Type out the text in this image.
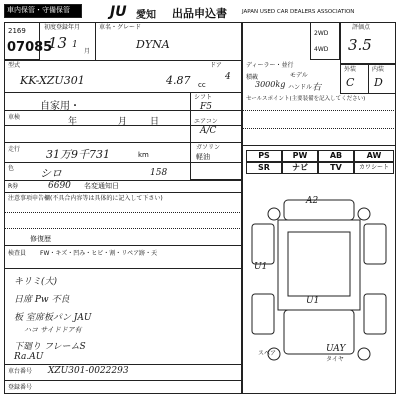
車内保管・守備保管	JU 愛知 出品申込書	JAPAN USED CAR DEALERS ASSOCIATION
2169
07085
初度登録年月	車名・グレード
13 1
月
DYNA
型式
KK-XZU301	4.87 cc
自家用・
車検	年	月	日
走行 31万9千731	km
色 シロ	158
R券	6690 名変通知日
注意事項申告欄(不具合内容等は具体的に記入して下さい)
修復歴
検査員 FW・キズ・凹み・ヒビ・割・リペア跡・天
キリミ(大)
日席 Pw 不良
板 室席板パン JAU
ハコ サイドドア有
下廻り フレームS
Ra.AU
車台番号 XZU301-0022293
登録番号
ドア
4
ディーラー・並行
積載
3000kg
モデル
ハンドル 右
2WD
4WD
評価点
3.5
外装	内装
C D
シフト
F5
エアコン
A/C
ガソリン
軽油
セールスポイント(主要装備を記入してください)
PS	PW	AB	AW
SR	ナビ	TV	カワシート
A2
U1
U1
UAY
スペア
タイヤ
